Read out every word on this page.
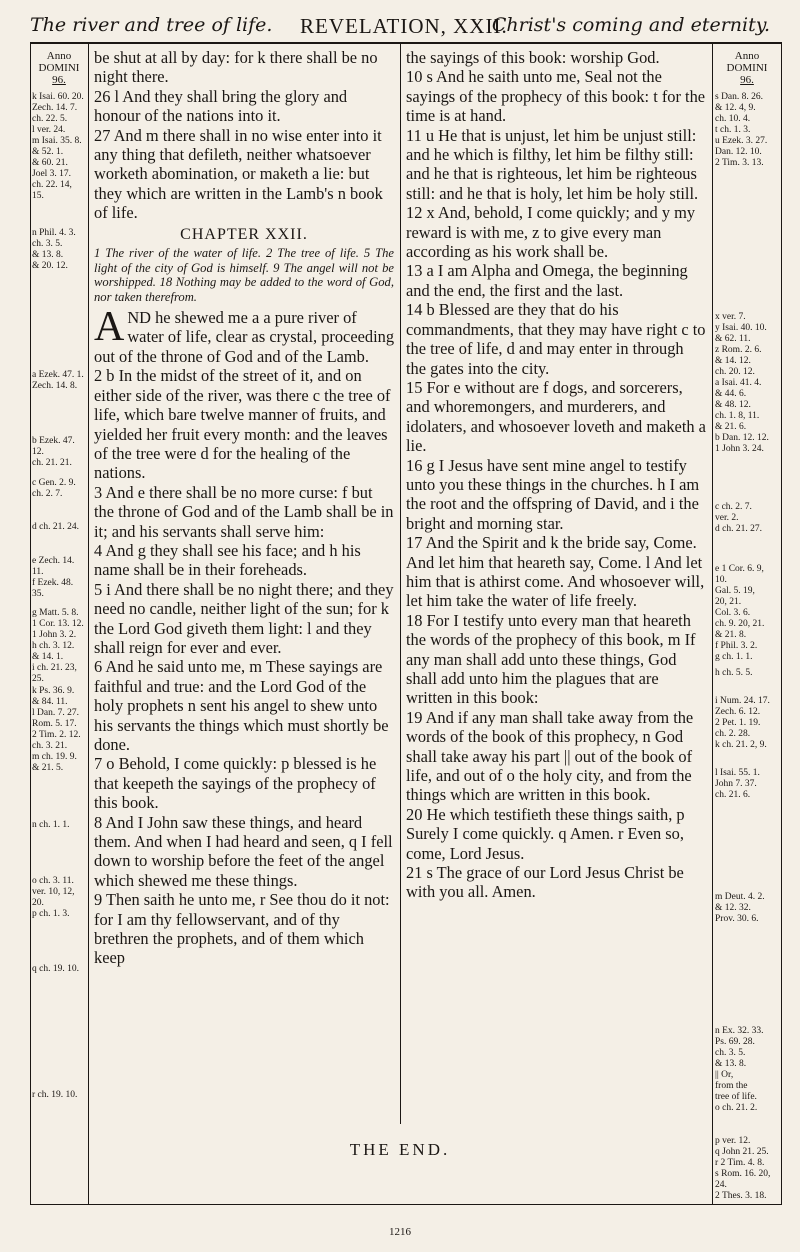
The river and tree of life. REVELATION, XXII.
Christ's coming and eternity.
Anno
DOMINI
96.
k Isai. 60. 20.
Zech. 14. 7.
ch. 22. 5.
l ver. 24.
m Isai. 35. 8.
& 52. 1.
& 60. 21.
Joel 3. 17.
ch. 22. 14, 15.
n Phil. 4. 3.
ch. 3. 5.
& 13. 8.
& 20. 12.
a Ezek. 47. 1.
Zech. 14. 8.
b Ezek. 47. 12.
ch. 21. 21.
c Gen. 2. 9.
ch. 2. 7.
d ch. 21. 24.
e Zech. 14. 11.
f Ezek. 48. 35.
g Matt. 5. 8.
1 Cor. 13. 12.
1 John 3. 2.
h ch. 3. 12.
& 14. 1.
i ch. 21. 23, 25.
k Ps. 36. 9.
& 84. 11.
l Dan. 7. 27.
Rom. 5. 17.
2 Tim. 2. 12.
ch. 3. 21.
m ch. 19. 9.
& 21. 5.
n ch. 1. 1.
o ch. 3. 11.
ver. 10, 12,
20.
p ch. 1. 3.
q ch. 19. 10.
r ch. 19. 10.

be shut at all by day: for k there shall be no night there.

26 l And they shall bring the glory and honour of the nations into it.

27 And m there shall in no wise enter into it any thing that defileth, neither whatsoever worketh abomination, or maketh a lie: but they which are written in the Lamb's n book of life.

CHAPTER XXII.
1 The river of the water of life. 2 The tree of life. 5 The light of the city of God is himself. 9 The angel will not be worshipped. 18 Nothing may be added to the word of God, nor taken therefrom.

AND he shewed me a a pure river of water of life, clear as crystal, proceeding out of the throne of God and of the Lamb.

2 b In the midst of the street of it, and on either side of the river, was there c the tree of life, which bare twelve manner of fruits, and yielded her fruit every month: and the leaves of the tree were d for the healing of the nations.

3 And e there shall be no more curse: f but the throne of God and of the Lamb shall be in it; and his servants shall serve him:

4 And g they shall see his face; and h his name shall be in their foreheads.

5 i And there shall be no night there; and they need no candle, neither light of the sun; for k the Lord God giveth them light: l and they shall reign for ever and ever.

6 And he said unto me, m These sayings are faithful and true: and the Lord God of the holy prophets n sent his angel to shew unto his servants the things which must shortly be done.

7 o Behold, I come quickly: p blessed is he that keepeth the sayings of the prophecy of this book.

8 And I John saw these things, and heard them. And when I had heard and seen, q I fell down to worship before the feet of the angel which shewed me these things.

9 Then saith he unto me, r See thou do it not: for I am thy fellowservant, and of thy brethren the prophets, and of them which keep

the sayings of this book: worship God.

10 s And he saith unto me, Seal not the sayings of the prophecy of this book: t for the time is at hand.

11 u He that is unjust, let him be unjust still: and he which is filthy, let him be filthy still: and he that is righteous, let him be righteous still: and he that is holy, let him be holy still.

12 x And, behold, I come quickly; and y my reward is with me, z to give every man according as his work shall be.

13 a I am Alpha and Omega, the beginning and the end, the first and the last.

14 b Blessed are they that do his commandments, that they may have right c to the tree of life, d and may enter in through the gates into the city.

15 For e without are f dogs, and sorcerers, and whoremongers, and murderers, and idolaters, and whosoever loveth and maketh a lie.

16 g I Jesus have sent mine angel to testify unto you these things in the churches. h I am the root and the offspring of David, and i the bright and morning star.

17 And the Spirit and k the bride say, Come. And let him that heareth say, Come. l And let him that is athirst come. And whosoever will, let him take the water of life freely.

18 For I testify unto every man that heareth the words of the prophecy of this book, m If any man shall add unto these things, God shall add unto him the plagues that are written in this book:

19 And if any man shall take away from the words of the book of this prophecy, n God shall take away his part || out of the book of life, and out of o the holy city, and from the things which are written in this book.

20 He which testifieth these things saith, p Surely I come quickly. q Amen. r Even so, come, Lord Jesus.

21 s The grace of our Lord Jesus Christ be with you all. Amen.

Anno
DOMINI
96.
s Dan. 8. 26.
& 12. 4, 9.
ch. 10. 4.
t ch. 1. 3.
u Ezek. 3. 27.
Dan. 12. 10.
2 Tim. 3. 13.
x ver. 7.
y Isai. 40. 10.
& 62. 11.
z Rom. 2. 6.
& 14. 12.
ch. 20. 12.
a Isai. 41. 4.
& 44. 6.
& 48. 12.
ch. 1. 8, 11.
& 21. 6.
b Dan. 12. 12.
1 John 3. 24.
c ch. 2. 7.
ver. 2.
d ch. 21. 27.
e 1 Cor. 6. 9,
10.
Gal. 5. 19,
20, 21.
Col. 3. 6.
ch. 9. 20, 21.
& 21. 8.
f Phil. 3. 2.
g ch. 1. 1.
h ch. 5. 5.
i Num. 24. 17.
Zech. 6. 12.
2 Pet. 1. 19.
ch. 2. 28.
k ch. 21. 2, 9.
l Isai. 55. 1.
John 7. 37.
ch. 21. 6.
m Deut. 4. 2.
& 12. 32.
Prov. 30. 6.
n Ex. 32. 33.
Ps. 69. 28.
ch. 3. 5.
& 13. 8.
|| Or,
from the
tree of life.
o ch. 21. 2.
p ver. 12.
q John 21. 25.
r 2 Tim. 4. 8.
s Rom. 16. 20,
24.
2 Thes. 3. 18.
THE END.
1216
